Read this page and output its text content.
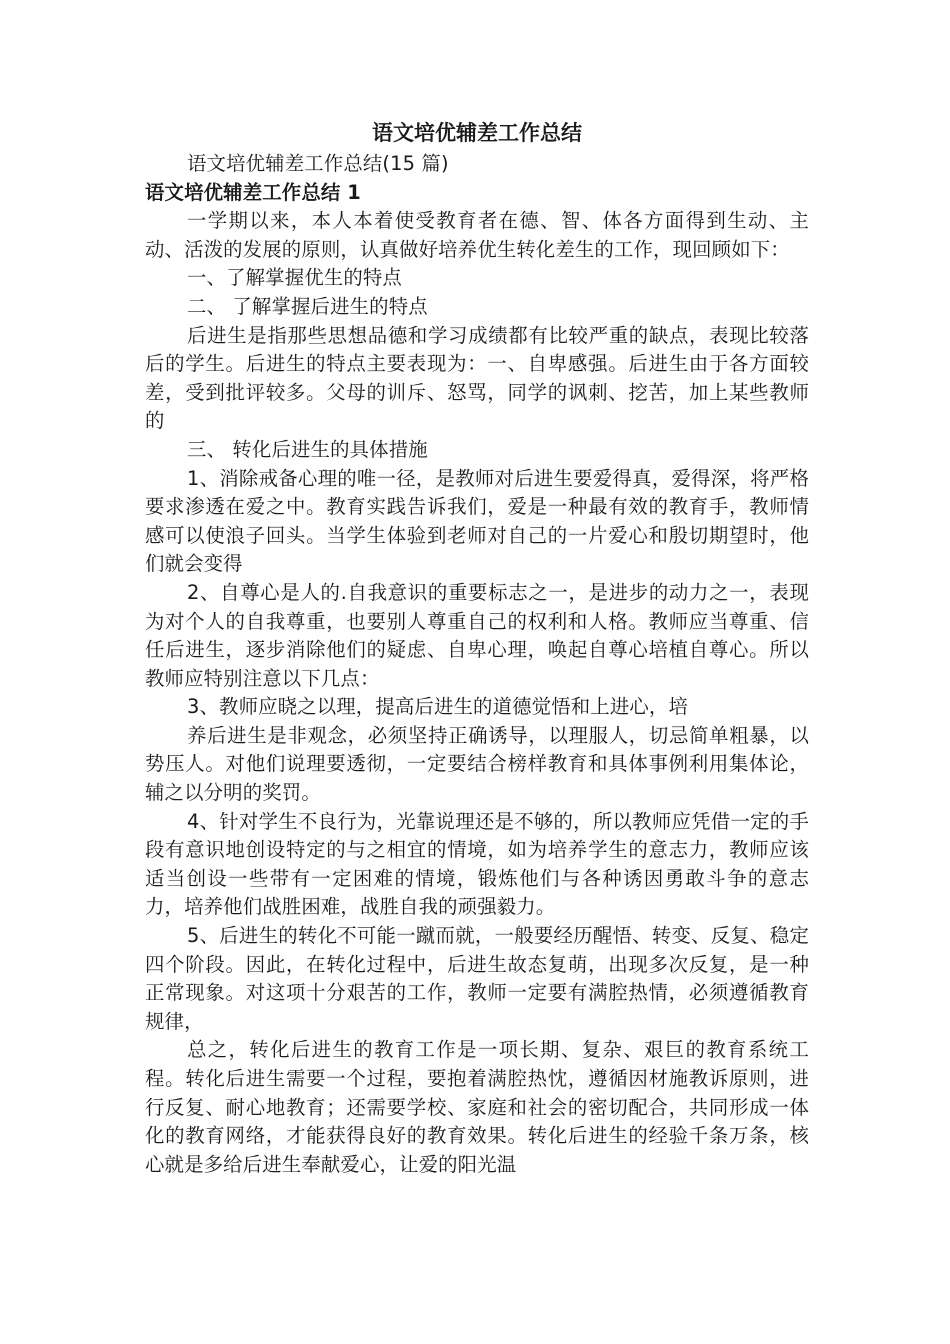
语文培优辅差工作总结

语文培优辅差工作总结(15 篇)

语文培优辅差工作总结 1

一学期以来，本人本着使受教育者在德、智、体各方面得到生动、主动、活泼的发展的原则，认真做好培养优生转化差生的工作，现回顾如下：

一、了解掌握优生的特点

二、 了解掌握后进生的特点

后进生是指那些思想品德和学习成绩都有比较严重的缺点，表现比较落后的学生。后进生的特点主要表现为：一、自卑感强。后进生由于各方面较差，受到批评较多。父母的训斥、怒骂，同学的讽刺、挖苦，加上某些教师的

三、 转化后进生的具体措施

1、消除戒备心理的唯一径，是教师对后进生要爱得真，爱得深，将严格要求渗透在爱之中。教育实践告诉我们，爱是一种最有效的教育手，教师情感可以使浪子回头。当学生体验到老师对自己的一片爱心和殷切期望时，他们就会变得

2、自尊心是人的.自我意识的重要标志之一，是进步的动力之一，表现为对个人的自我尊重，也要别人尊重自己的权利和人格。教师应当尊重、信任后进生，逐步消除他们的疑虑、自卑心理，唤起自尊心培植自尊心。所以教师应特别注意以下几点：

3、教师应晓之以理，提高后进生的道德觉悟和上进心，培

养后进生是非观念，必须坚持正确诱导，以理服人，切忌简单粗暴，以势压人。对他们说理要透彻，一定要结合榜样教育和具体事例利用集体论，辅之以分明的奖罚。

4、针对学生不良行为，光靠说理还是不够的，所以教师应凭借一定的手段有意识地创设特定的与之相宜的情境，如为培养学生的意志力，教师应该适当创设一些带有一定困难的情境，锻炼他们与各种诱因勇敢斗争的意志力，培养他们战胜困难，战胜自我的顽强毅力。

5、后进生的转化不可能一蹴而就，一般要经历醒悟、转变、反复、稳定四个阶段。因此，在转化过程中，后进生故态复萌，出现多次反复，是一种正常现象。对这项十分艰苦的工作，教师一定要有满腔热情，必须遵循教育规律，

总之，转化后进生的教育工作是一项长期、复杂、艰巨的教育系统工程。转化后进生需要一个过程，要抱着满腔热忱，遵循因材施教诉原则，进行反复、耐心地教育；还需要学校、家庭和社会的密切配合，共同形成一体化的教育网络，才能获得良好的教育效果。转化后进生的经验千条万条，核心就是多给后进生奉献爱心，让爱的阳光温
